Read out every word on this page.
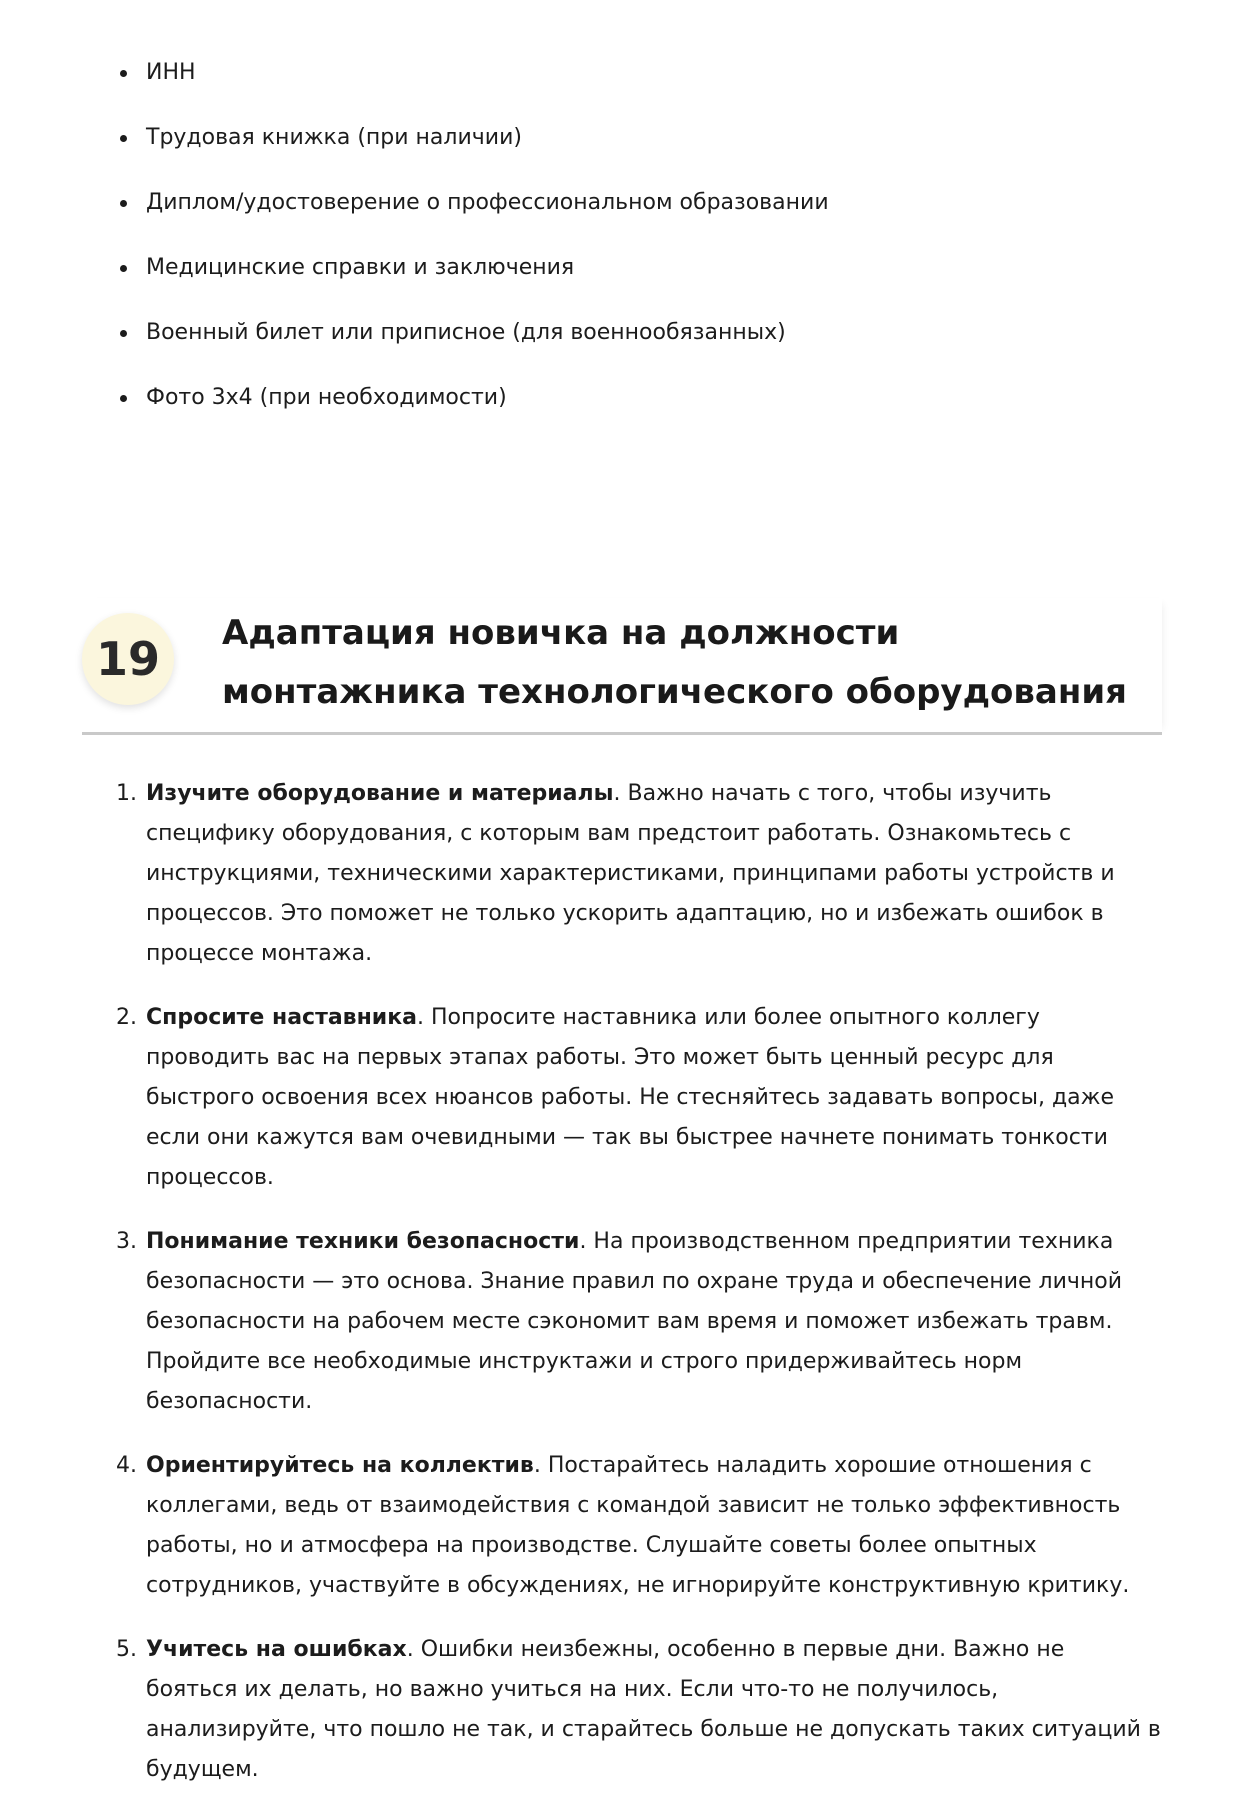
ИНН
Трудовая книжка (при наличии)
Диплом/удостоверение о профессиональном образовании
Медицинские справки и заключения
Военный билет или приписное (для военнообязанных)
Фото 3х4 (при необходимости)
19	Адаптация новичка на должности монтажника технологического оборудования
1. Изучите оборудование и материалы. Важно начать с того, чтобы изучить специфику оборудования, с которым вам предстоит работать. Ознакомьтесь с инструкциями, техническими характеристиками, принципами работы устройств и процессов. Это поможет не только ускорить адаптацию, но и избежать ошибок в процессе монтажа.
2. Спросите наставника. Попросите наставника или более опытного коллегу проводить вас на первых этапах работы. Это может быть ценный ресурс для быстрого освоения всех нюансов работы. Не стесняйтесь задавать вопросы, даже если они кажутся вам очевидными — так вы быстрее начнете понимать тонкости процессов.
3. Понимание техники безопасности. На производственном предприятии техника безопасности — это основа. Знание правил по охране труда и обеспечение личной безопасности на рабочем месте сэкономит вам время и поможет избежать травм. Пройдите все необходимые инструктажи и строго придерживайтесь норм безопасности.
4. Ориентируйтесь на коллектив. Постарайтесь наладить хорошие отношения с коллегами, ведь от взаимодействия с командой зависит не только эффективность работы, но и атмосфера на производстве. Слушайте советы более опытных сотрудников, участвуйте в обсуждениях, не игнорируйте конструктивную критику.
5. Учитесь на ошибках. Ошибки неизбежны, особенно в первые дни. Важно не бояться их делать, но важно учиться на них. Если что-то не получилось, анализируйте, что пошло не так, и старайтесь больше не допускать таких ситуаций в будущем.
